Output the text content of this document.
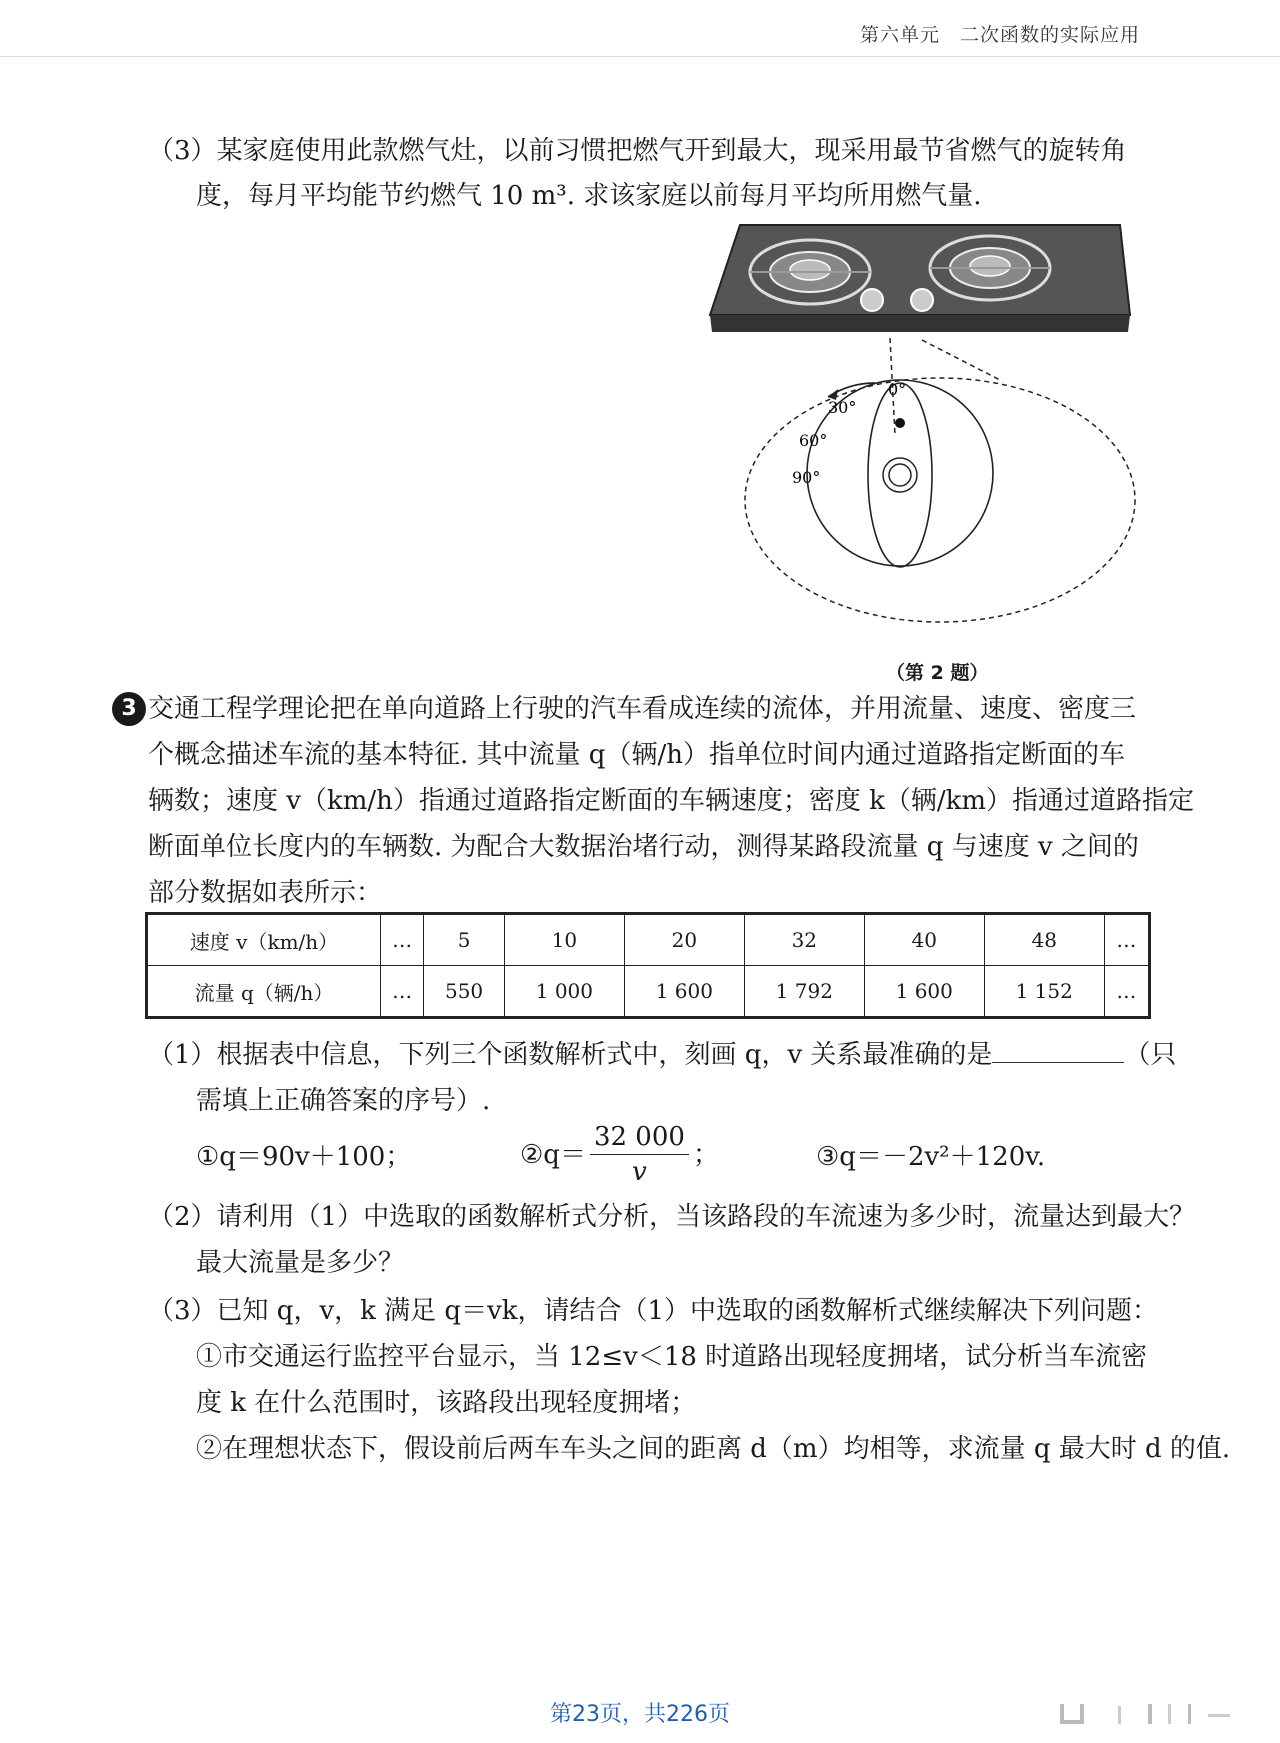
第六单元　二次函数的实际应用
（3）某家庭使用此款燃气灶，以前习惯把燃气开到最大，现采用最节省燃气的旋转角
度，每月平均能节约燃气 10 m³. 求该家庭以前每月平均所用燃气量.
0°
30°
60°
90°
（第 2 题）
3 交通工程学理论把在单向道路上行驶的汽车看成连续的流体，并用流量、速度、密度三
个概念描述车流的基本特征. 其中流量 q（辆/h）指单位时间内通过道路指定断面的车
辆数；速度 v（km/h）指通过道路指定断面的车辆速度；密度 k（辆/km）指通过道路指定
断面单位长度内的车辆数. 为配合大数据治堵行动，测得某路段流量 q 与速度 v 之间的
部分数据如表所示：
速度 v（km/h）	…	5	10	20	32	40	48	…
流量 q（辆/h）	…	550	1 000	1 600	1 792	1 600	1 152	…
（1）根据表中信息，下列三个函数解析式中，刻画 q，v 关系最准确的是	（只
需填上正确答案的序号）.
①q＝90v＋100；	②q＝ $\frac{32 000}{v}$ ；	③q＝－2v²＋120v.
（2）请利用（1）中选取的函数解析式分析，当该路段的车流速为多少时，流量达到最大？
最大流量是多少？
（3）已知 q，v，k 满足 q＝vk，请结合（1）中选取的函数解析式继续解决下列问题：
①市交通运行监控平台显示，当 12≤v＜18 时道路出现轻度拥堵，试分析当车流密
度 k 在什么范围时，该路段出现轻度拥堵；
②在理想状态下，假设前后两车车头之间的距离 d（m）均相等，求流量 q 最大时 d 的值.
第23页，共226页
